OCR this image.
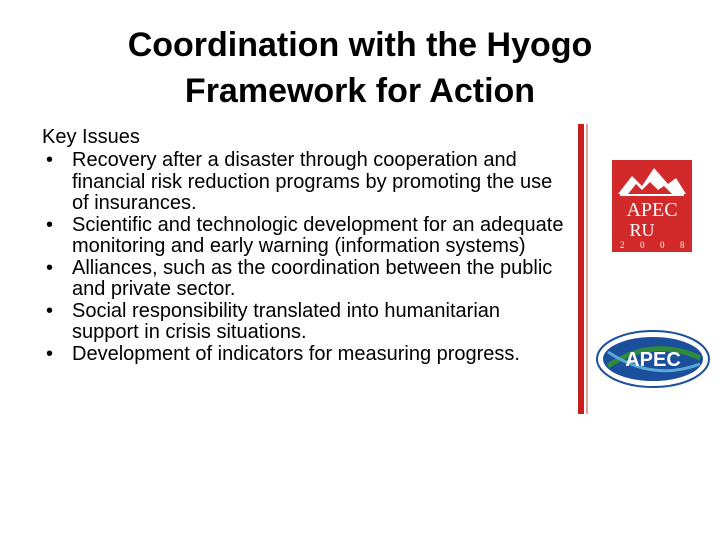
Coordination with the Hyogo
Framework for Action
Key Issues
• Recovery after a disaster through cooperation and financial risk reduction programs by promoting the use of insurances.
• Scientific and technologic development for an adequate monitoring and early warning (information systems)
• Alliances, such as the coordination between the public and private sector.
• Social responsibility translated into humanitarian support in crisis situations.
• Development of indicators for measuring progress.
APEC
RU
2 0 0 8
APEC
